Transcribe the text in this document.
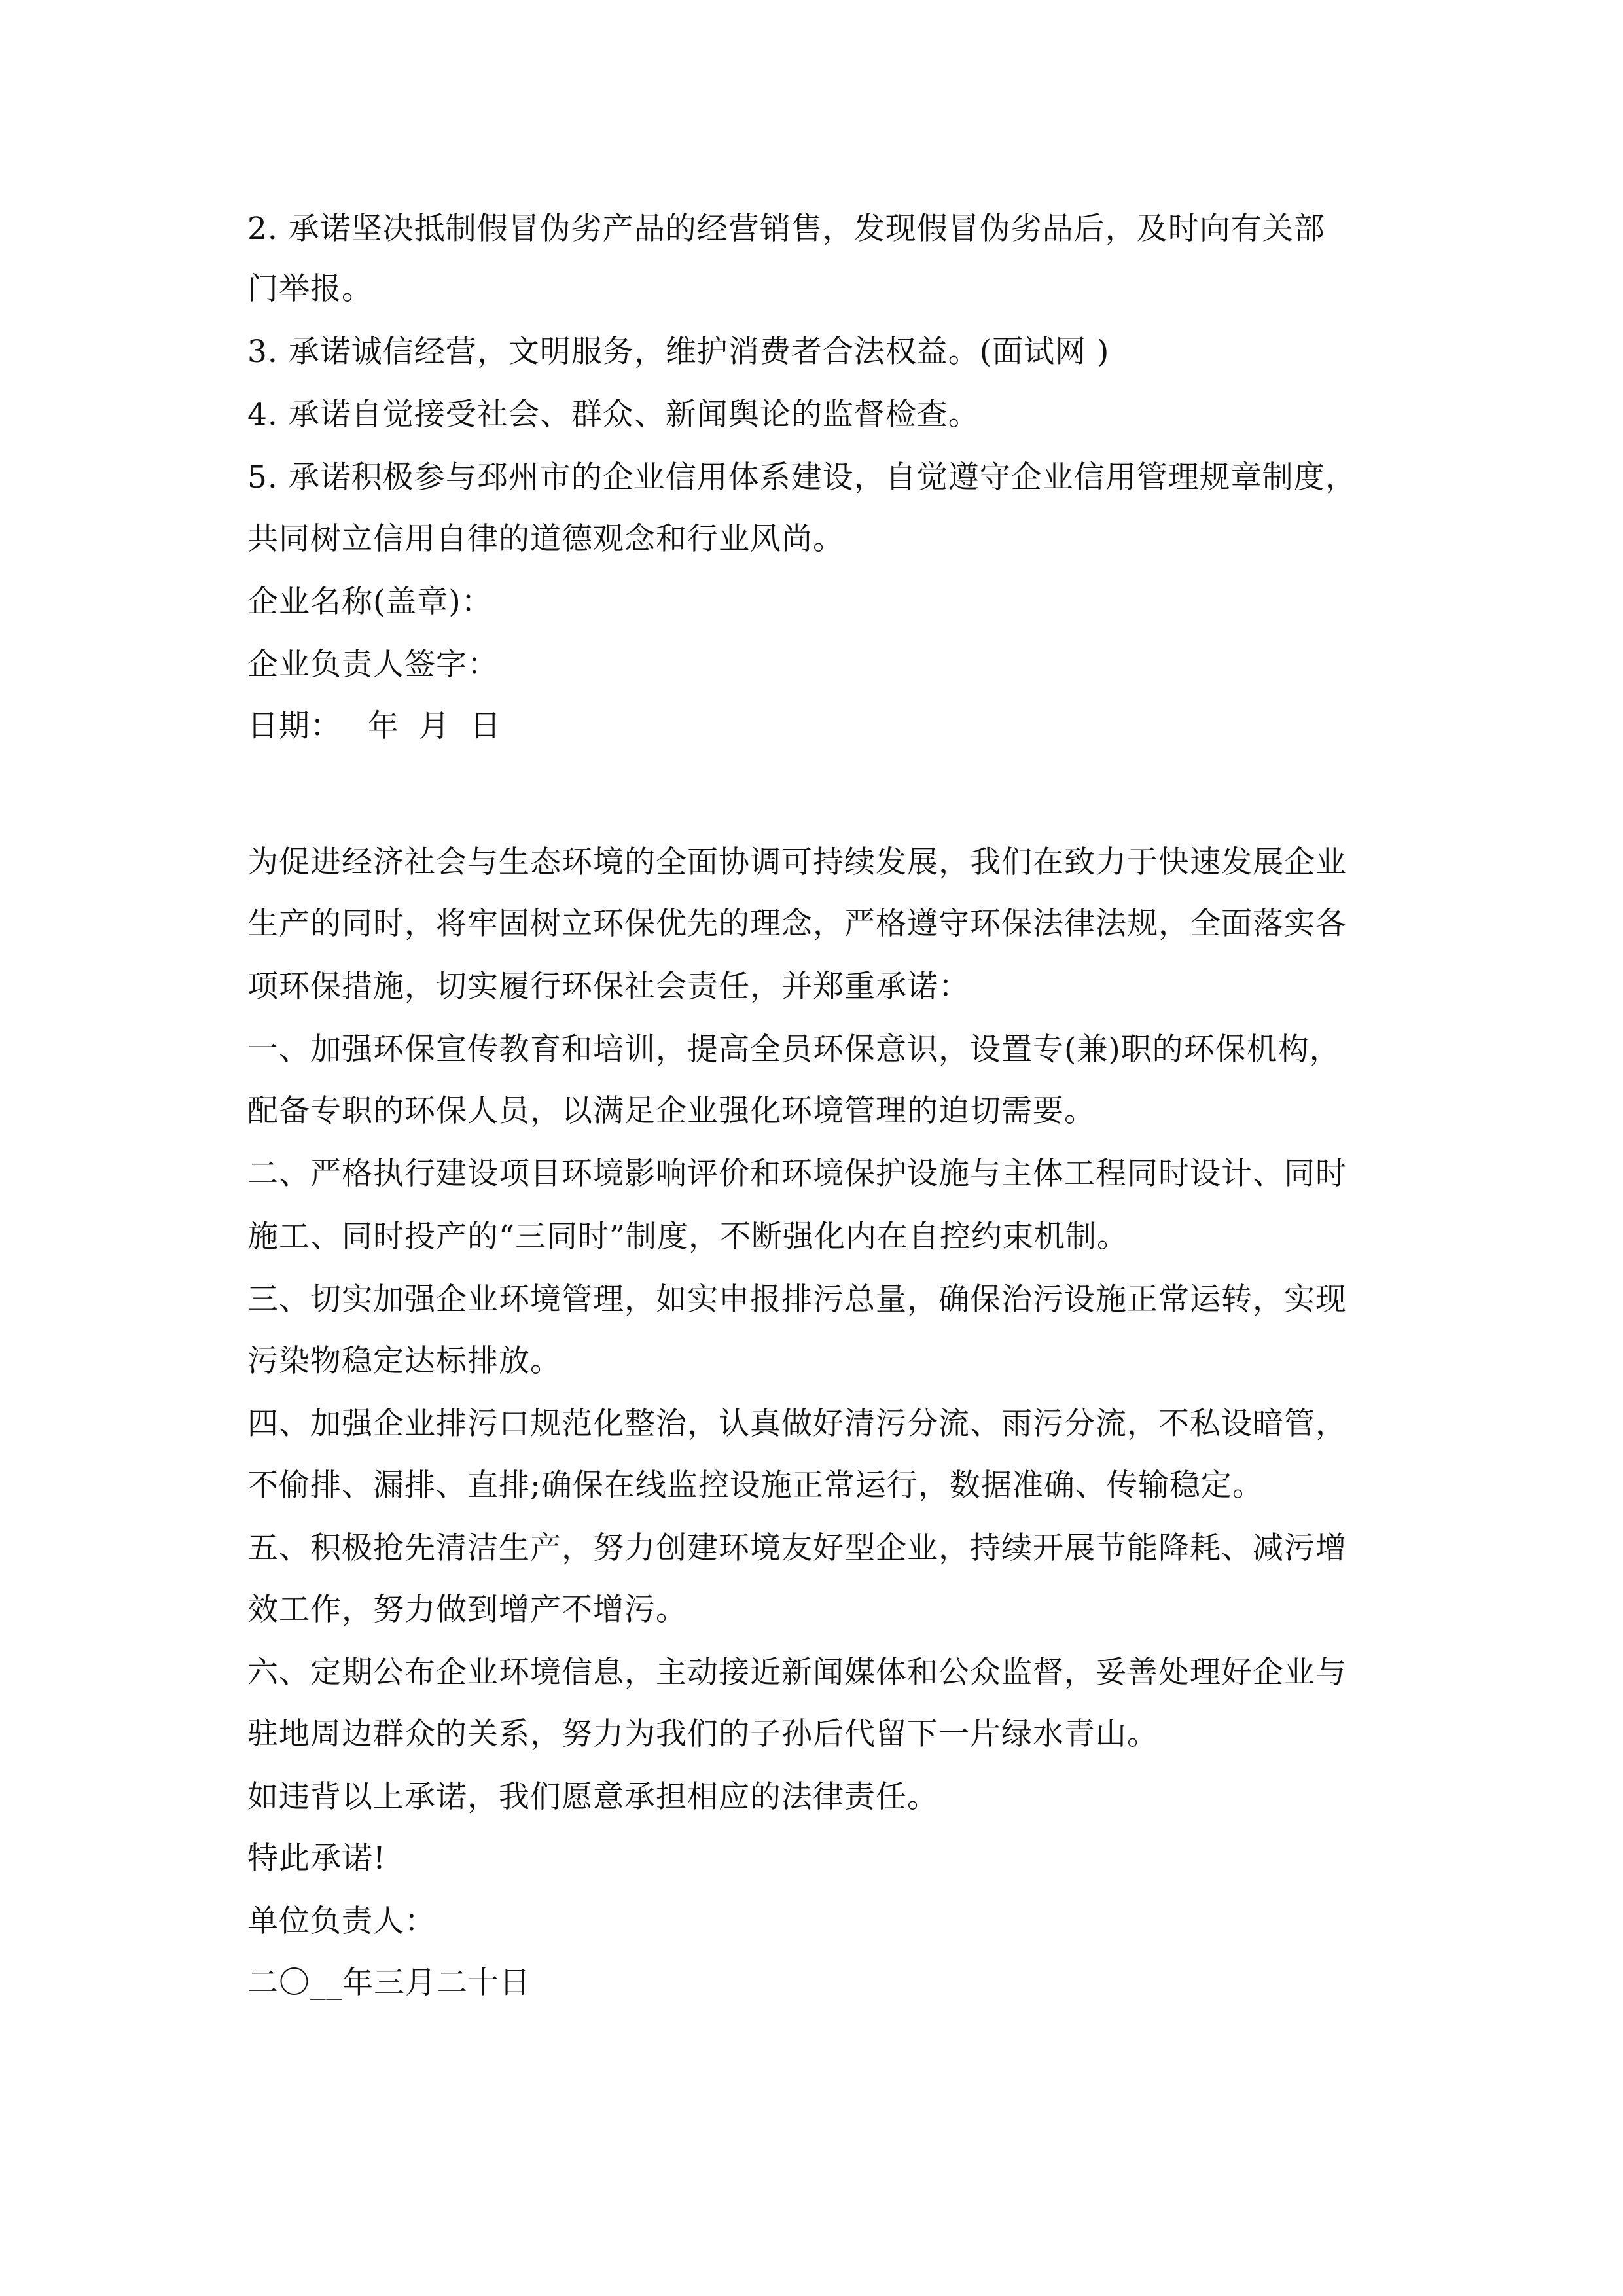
2. 承诺坚决抵制假冒伪劣产品的经营销售，发现假冒伪劣品后，及时向有关部
门举报。
3. 承诺诚信经营，文明服务，维护消费者合法权益。(面试网 )
4. 承诺自觉接受社会、群众、新闻舆论的监督检查。
5. 承诺积极参与邳州市的企业信用体系建设，自觉遵守企业信用管理规章制度，
共同树立信用自律的道德观念和行业风尚。
企业名称(盖章)：
企业负责人签字：
日期： 年 月 日
为促进经济社会与生态环境的全面协调可持续发展，我们在致力于快速发展企业
生产的同时，将牢固树立环保优先的理念，严格遵守环保法律法规，全面落实各
项环保措施，切实履行环保社会责任，并郑重承诺：
一、加强环保宣传教育和培训，提高全员环保意识，设置专(兼)职的环保机构，
配备专职的环保人员，以满足企业强化环境管理的迫切需要。
二、严格执行建设项目环境影响评价和环境保护设施与主体工程同时设计、同时
施工、同时投产的“三同时”制度，不断强化内在自控约束机制。
三、切实加强企业环境管理，如实申报排污总量，确保治污设施正常运转，实现
污染物稳定达标排放。
四、加强企业排污口规范化整治，认真做好清污分流、雨污分流，不私设暗管，
不偷排、漏排、直排;确保在线监控设施正常运行，数据准确、传输稳定。
五、积极抢先清洁生产，努力创建环境友好型企业，持续开展节能降耗、减污增
效工作，努力做到增产不增污。
六、定期公布企业环境信息，主动接近新闻媒体和公众监督，妥善处理好企业与
驻地周边群众的关系，努力为我们的子孙后代留下一片绿水青山。
如违背以上承诺，我们愿意承担相应的法律责任。
特此承诺!
单位负责人：
二〇__年三月二十日
